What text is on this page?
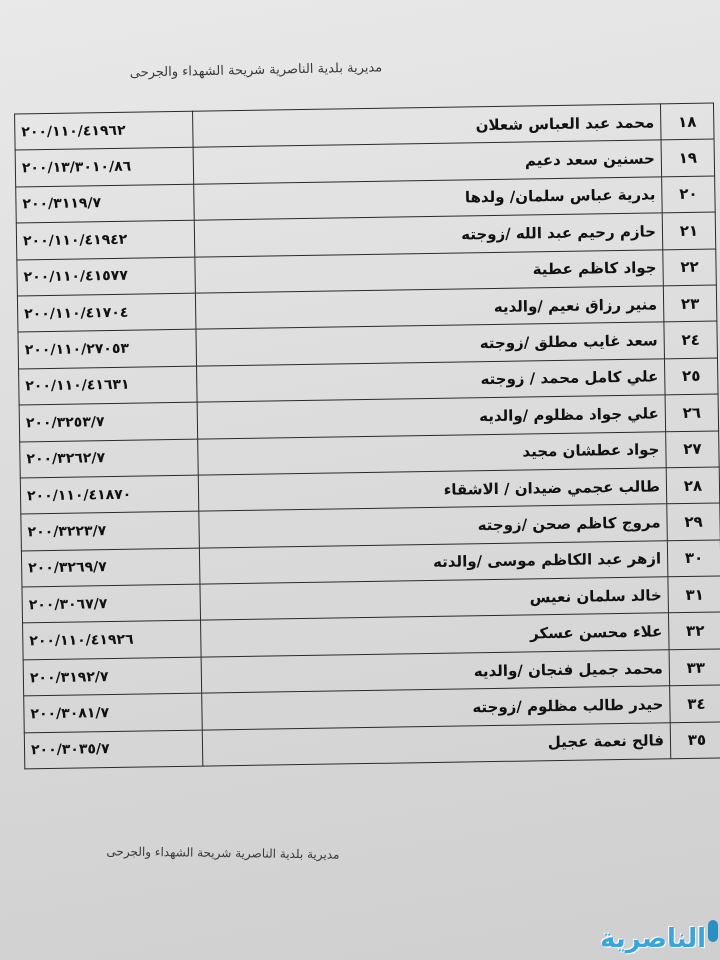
مديرية بلدية الناصرية شريحة الشهداء والجرحى
١٨	محمد عبد العباس شعلان	٢٠٠/١١٠/٤١٩٦٢
١٩	حسنين سعد دعيم	٢٠٠/١٣/٣٠١٠/٨٦
٢٠	بدرية عباس سلمان/ ولدها	٢٠٠/٣١١٩/٧
٢١	حازم رحيم عبد الله /زوجته	٢٠٠/١١٠/٤١٩٤٢
٢٢	جواد كاظم عطية	٢٠٠/١١٠/٤١٥٧٧
٢٣	منير رزاق نعيم /والديه	٢٠٠/١١٠/٤١٧٠٤
٢٤	سعد غايب مطلق /زوجته	٢٠٠/١١٠/٢٧٠٥٣
٢٥	علي كامل محمد / زوجته	٢٠٠/١١٠/٤١٦٣١
٢٦	علي جواد مظلوم /والديه	٢٠٠/٣٢٥٣/٧
٢٧	جواد عطشان مجيد	٢٠٠/٣٢٦٢/٧
٢٨	طالب عجمي ضيدان / الاشقاء	٢٠٠/١١٠/٤١٨٧٠
٢٩	مروج كاظم صحن /زوجته	٢٠٠/٣٢٢٣/٧
٣٠	ازهر عبد الكاظم موسى /والدته	٢٠٠/٣٢٦٩/٧
٣١	خالد سلمان نعيس	٢٠٠/٣٠٦٧/٧
٣٢	علاء محسن عسكر	٢٠٠/١١٠/٤١٩٢٦
٣٣	محمد جميل فنجان /والديه	٢٠٠/٣١٩٢/٧
٣٤	حيدر طالب مظلوم /زوجته	٢٠٠/٣٠٨١/٧
٣٥	فالح نعمة عجيل	٢٠٠/٣٠٣٥/٧
مديرية بلدية الناصرية شريحة الشهداء والجرحى
الناصرية
